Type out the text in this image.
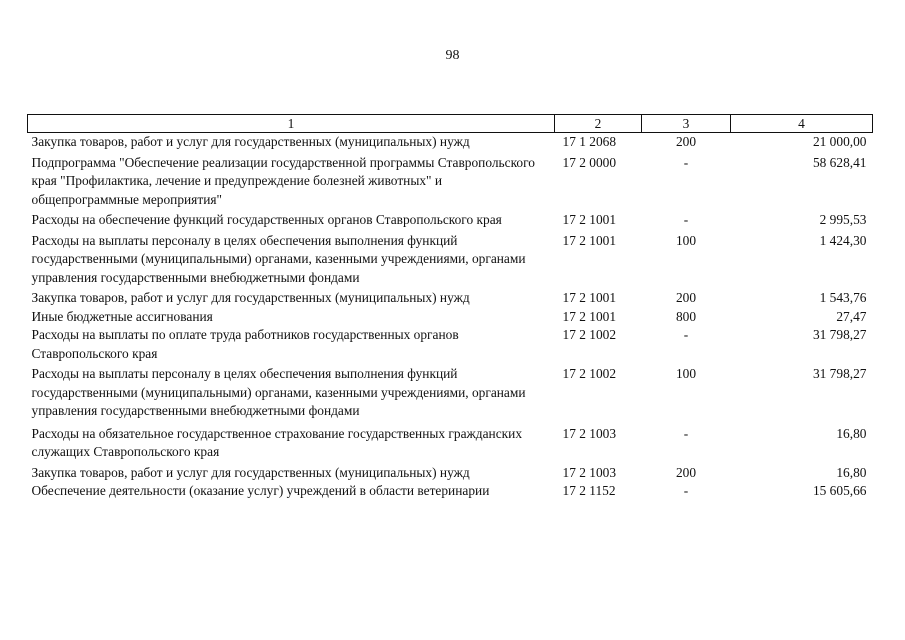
98
1	2	3	4
Закупка товаров, работ и услуг для государственных (муниципальных) нужд	17 1 2068	200	21 000,00
Подпрограмма "Обеспечение реализации государственной программы Ставропольского края "Профилактика, лечение и предупреждение болезней животных" и общепрограммные мероприятия"	17 2 0000	-	58 628,41
Расходы на обеспечение функций государственных органов Ставропольского края	17 2 1001	-	2 995,53
Расходы на выплаты персоналу в целях обеспечения выполнения функций государственными (муниципальными) органами, казенными учреждениями, органами управления государственными внебюджетными фондами	17 2 1001	100	1 424,30
Закупка товаров, работ и услуг для государственных (муниципальных) нужд	17 2 1001	200	1 543,76
Иные бюджетные ассигнования	17 2 1001	800	27,47
Расходы на выплаты по оплате труда работников государственных органов Ставропольского края	17 2 1002	-	31 798,27
Расходы на выплаты персоналу в целях обеспечения выполнения функций государственными (муниципальными) органами, казенными учреждениями, органами управления государственными внебюджетными фондами	17 2 1002	100	31 798,27
Расходы на обязательное государственное страхование государственных гражданских служащих Ставропольского края	17 2 1003	-	16,80
Закупка товаров, работ и услуг для государственных (муниципальных) нужд	17 2 1003	200	16,80
Обеспечение деятельности (оказание услуг) учреждений в области ветеринарии	17 2 1152	-	15 605,66
